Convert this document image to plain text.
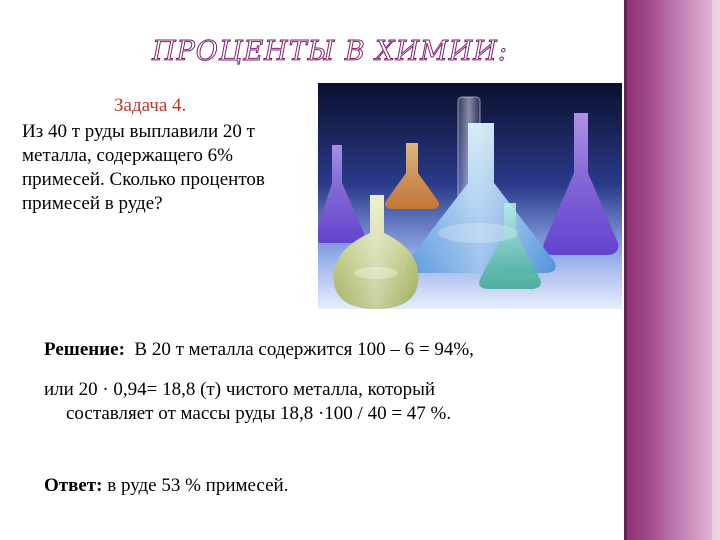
ПРОЦЕНТЫ В ХИМИИ:
Задача 4.
Из 40 т руды выплавили 20 т металла, содержащего 6% примесей. Сколько процентов примесей в руде?
Решение: В 20 т металла содержится 100 – 6 = 94%,
или 20 · 0,94= 18,8 (т) чистого металла, который
составляет от массы руды 18,8 ·100 / 40 = 47 %.
Ответ: в руде 53 % примесей.
